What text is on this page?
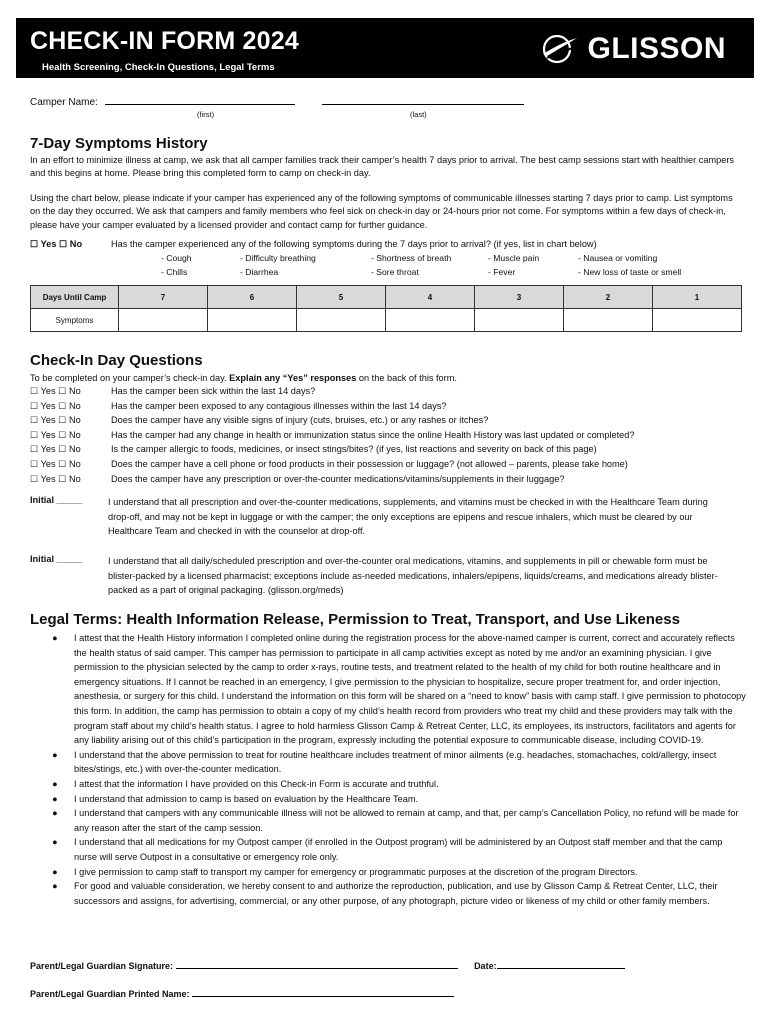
CHECK-IN FORM 2024
Health Screening, Check-In Questions, Legal Terms
GLISSON
Camper Name:
(first)	(last)
7-Day Symptoms History
In an effort to minimize illness at camp, we ask that all camper families track their camper’s health 7 days prior to arrival. The best camp sessions start with healthier campers and this begins at home. Please bring this completed form to camp on check-in day.
Using the chart below, please indicate if your camper has experienced any of the following symptoms of communicable illnesses starting 7 days prior to camp. List symptoms on the day they occurred. We ask that campers and family members who feel sick on check-in day or 24-hours prior not come. For symptoms within a few days of check-in, please have your camper evaluated by a licensed provider and contact camp for further guidance.
☐ Yes ☐ No	Has the camper experienced any of the following symptoms during the 7 days prior to arrival? (if yes, list in chart below)
- Cough	- Difficulty breathing	- Shortness of breath	- Muscle pain	- Nausea or vomiting
- Chills	- Diarrhea	- Sore throat	- Fever	- New loss of taste or smell
Days Until Camp	7	6	5	4	3	2	1
Symptoms							
Check-In Day Questions
To be completed on your camper’s check-in day. Explain any “Yes” responses on the back of this form.
☐ Yes ☐ No	Has the camper been sick within the last 14 days?
☐ Yes ☐ No	Has the camper been exposed to any contagious illnesses within the last 14 days?
☐ Yes ☐ No	Does the camper have any visible signs of injury (cuts, bruises, etc.) or any rashes or itches?
☐ Yes ☐ No	Has the camper had any change in health or immunization status since the online Health History was last updated or completed?
☐ Yes ☐ No	Is the camper allergic to foods, medicines, or insect stings/bites? (if yes, list reactions and severity on back of this page)
☐ Yes ☐ No	Does the camper have a cell phone or food products in their possession or luggage? (not allowed – parents, please take home)
☐ Yes ☐ No	Does the camper have any prescription or over-the-counter medications/vitamins/supplements in their luggage?
Initial _____	I understand that all prescription and over-the-counter medications, supplements, and vitamins must be checked in with the Healthcare Team during drop-off, and may not be kept in luggage or with the camper; the only exceptions are epipens and rescue inhalers, which must be cleared by our Healthcare Team and checked in with the counselor at drop-off.
Initial _____	I understand that all daily/scheduled prescription and over-the-counter oral medications, vitamins, and supplements in pill or chewable form must be blister-packed by a licensed pharmacist; exceptions include as-needed medications, inhalers/epipens, liquids/creams, and medications already blister-packed as a part of original packaging. (glisson.org/meds)
Legal Terms: Health Information Release, Permission to Treat, Transport, and Use Likeness
●	I attest that the Health History information I completed online during the registration process for the above-named camper is current, correct and accurately reflects the health status of said camper. This camper has permission to participate in all camp activities except as noted by me and/or an examining physician. I give permission to the physician selected by the camp to order x-rays, routine tests, and treatment related to the health of my child for both routine healthcare and in emergency situations. If I cannot be reached in an emergency, I give permission to the physician to hospitalize, secure proper treatment for, and order injection, anesthesia, or surgery for this child. I understand the information on this form will be shared on a “need to know” basis with camp staff. I give permission to photocopy this form. In addition, the camp has permission to obtain a copy of my child’s health record from providers who treat my child and these providers may talk with the program staff about my child’s health status. I agree to hold harmless Glisson Camp & Retreat Center, LLC, its employees, its instructors, facilitators and agents for any liability arising out of this child’s participation in the program, expressly including the potential exposure to communicable disease, including COVID-19.
●	I understand that the above permission to treat for routine healthcare includes treatment of minor ailments (e.g. headaches, stomachaches, cold/allergy, insect bites/stings, etc.) with over-the-counter medication.
●	I attest that the information I have provided on this Check-in Form is accurate and truthful.
●	I understand that admission to camp is based on evaluation by the Healthcare Team.
●	I understand that campers with any communicable illness will not be allowed to remain at camp, and that, per camp’s Cancellation Policy, no refund will be made for any reason after the start of the camp session.
●	I understand that all medications for my Outpost camper (if enrolled in the Outpost program) will be administered by an Outpost staff member and that the camp nurse will serve Outpost in a consultative or emergency role only.
●	I give permission to camp staff to transport my camper for emergency or programmatic purposes at the discretion of the program Directors.
●	For good and valuable consideration, we hereby consent to and authorize the reproduction, publication, and use by Glisson Camp & Retreat Center, LLC, their successors and assigns, for advertising, commercial, or any other purpose, of any photograph, picture video or likeness of my child or other family members.
Parent/Legal Guardian Signature:	Date:
Parent/Legal Guardian Printed Name:
